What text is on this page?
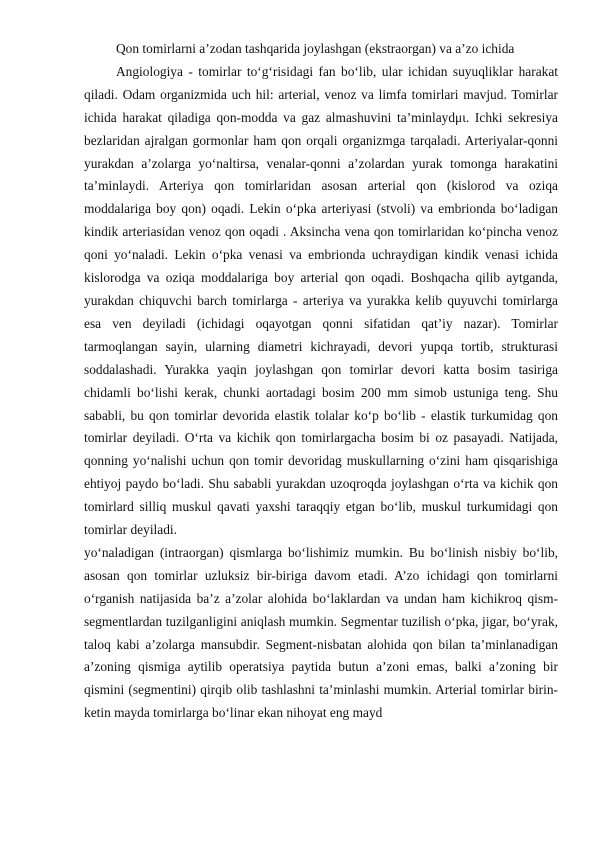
Qon tomirlarni a’zodan tashqarida joylashgan (ekstraorgan) va a’zo ichida

Angiologiya - tomirlar to‘g‘risidagi fan bo‘lib, ular ichidan suyuqliklar harakat qiladi. Odam organizmida uch hil: arterial, venoz va limfa tomirlari mavjud. Tomirlar ichida harakat qiladiga qon-modda va gaz almashuvini ta’minlaydμι. Ichki sekresiya bezlaridan ajralgan gormonlar ham qon orqali organizmga tarqaladi. Arteriyalar-qonni yurakdan a’zolarga yo‘naltirsa, venalar-qonni a’zolardan yurak tomonga harakatini ta’minlaydi. Arteriya qon tomirlaridan asosan arterial qon (kislorod va oziqa moddalariga boy qon) oqadi. Lekin o‘pka arteriyasi (stvoli) va embrionda bo‘ladigan kindik arteriasidan venoz qon oqadi . Aksincha vena qon tomirlaridan ko‘pincha venoz qoni yo‘naladi. Lekin o‘pka venasi va embrionda uchraydigan kindik venasi ichida kislorodga va oziqa moddalariga boy arterial qon oqadi. Boshqacha qilib aytganda, yurakdan chiquvchi barch tomirlarga - arteriya va yurakka kelib quyuvchi tomirlarga esa ven deyiladi (ichidagi oqayotgan qonni sifatidan qat’iy nazar). Tomirlar tarmoqlangan sayin, ularning diametri kichrayadi, devori yupqa tortib, strukturasi soddalashadi. Yurakka yaqin joylashgan qon tomirlar devori katta bosim tasiriga chidamli bo‘lishi kerak, chunki aortadagi bosim 200 mm simob ustuniga teng. Shu sababli, bu qon tomirlar devorida elastik tolalar ko‘p bo‘lib - elastik turkumidag qon tomirlar deyiladi. O‘rta va kichik qon tomirlargacha bosim bi oz pasayadi. Natijada, qonning yo‘nalishi uchun qon tomir devoridag muskullarning o‘zini ham qisqarishiga ehtiyoj paydo bo‘ladi. Shu sababli yurakdan uzoqroqda joylashgan o‘rta va kichik qon tomirlard silliq muskul qavati yaxshi taraqqiy etgan bo‘lib, muskul turkumidagi qon tomirlar deyiladi.

yo‘naladigan (intraorgan) qismlarga bo‘lishimiz mumkin. Bu bo‘linish nisbiy bo‘lib, asosan qon tomirlar uzluksiz bir-biriga davom etadi. A’zo ichidagi qon tomirlarni o‘rganish natijasida ba’z a’zolar alohida bo‘laklardan va undan ham kichikroq qism-segmentlardan tuzilganligini aniqlash mumkin. Segmentar tuzilish o‘pka, jigar, bo‘yrak, taloq kabi a’zolarga mansubdir. Segment-nisbatan alohida qon bilan ta’minlanadigan a’zoning qismiga aytilib operatsiya paytida butun a’zoni emas, balki a’zoning bir qismini (segmentini) qirqib olib tashlashni ta’minlashi mumkin. Arterial tomirlar birin-ketin mayda tomirlarga bo‘linar ekan nihoyat eng mayd
